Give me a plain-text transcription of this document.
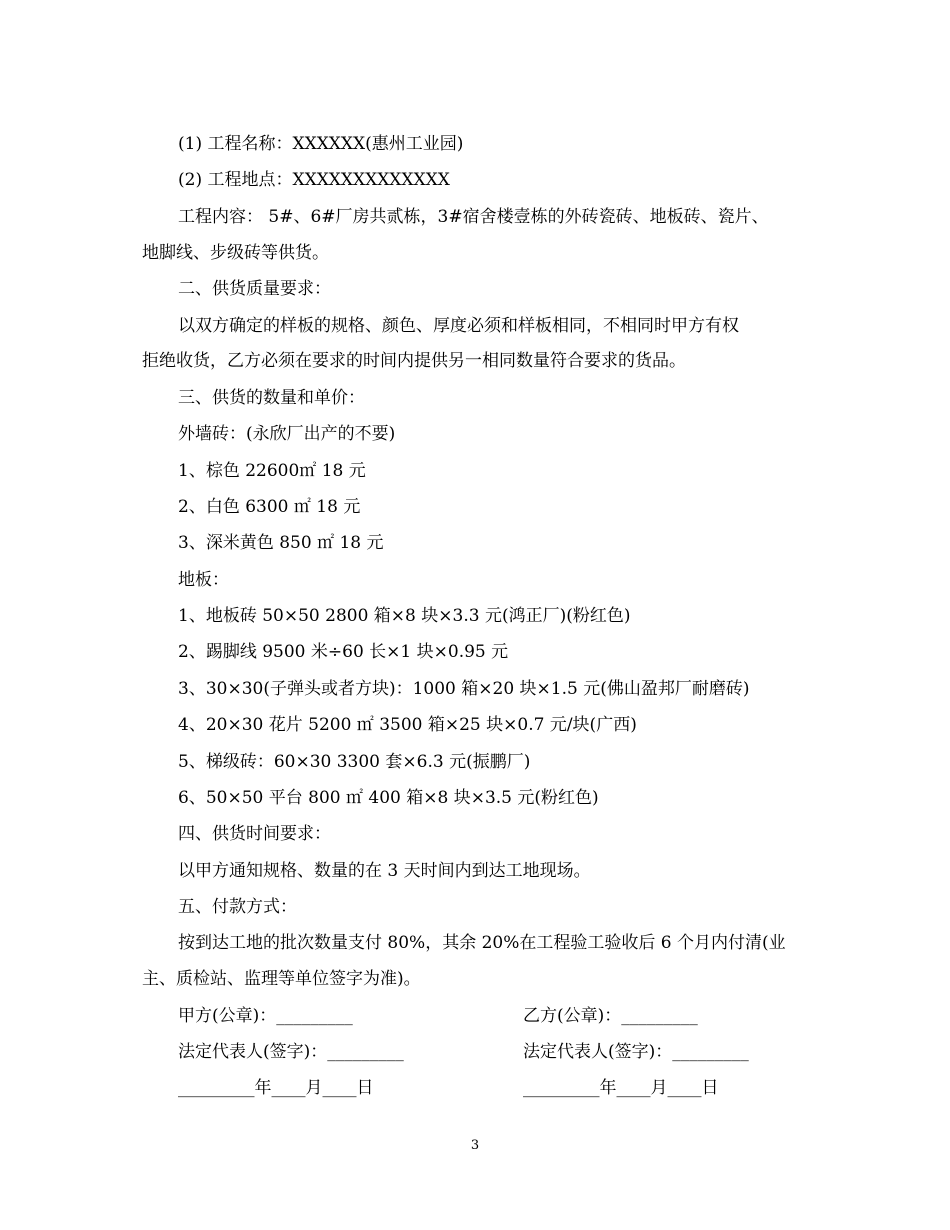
(1) 工程名称：XXXXXX(惠州工业园)
(2) 工程地点：XXXXXXXXXXXXX
工程内容： 5#、6#厂房共贰栋，3#宿舍楼壹栋的外砖瓷砖、地板砖、瓷片、
地脚线、步级砖等供货。
二、供货质量要求：
以双方确定的样板的规格、颜色、厚度必须和样板相同，不相同时甲方有权
拒绝收货，乙方必须在要求的时间内提供另一相同数量符合要求的货品。
三、供货的数量和单价：
外墙砖：(永欣厂出产的不要)
1、棕色 22600㎡ 18 元
2、白色 6300 ㎡ 18 元
3、深米黄色 850 ㎡ 18 元
地板：
1、地板砖 50×50 2800 箱×8 块×3.3 元(鸿正厂)(粉红色)
2、踢脚线 9500 米÷60 长×1 块×0.95 元
3、30×30(子弹头或者方块)：1000 箱×20 块×1.5 元(佛山盈邦厂耐磨砖)
4、20×30 花片 5200 ㎡ 3500 箱×25 块×0.7 元/块(广西)
5、梯级砖：60×30 3300 套×6.3 元(振鹏厂)
6、50×50 平台 800 ㎡ 400 箱×8 块×3.5 元(粉红色)
四、供货时间要求：
以甲方通知规格、数量的在 3 天时间内到达工地现场。
五、付款方式：
按到达工地的批次数量支付 80%，其余 20%在工程验工验收后 6 个月内付清(业
主、质检站、监理等单位签字为准)。
甲方(公章)：_________	乙方(公章)：_________
法定代表人(签字)：_________	法定代表人(签字)：_________
_________年____月____日	_________年____月____日
3
